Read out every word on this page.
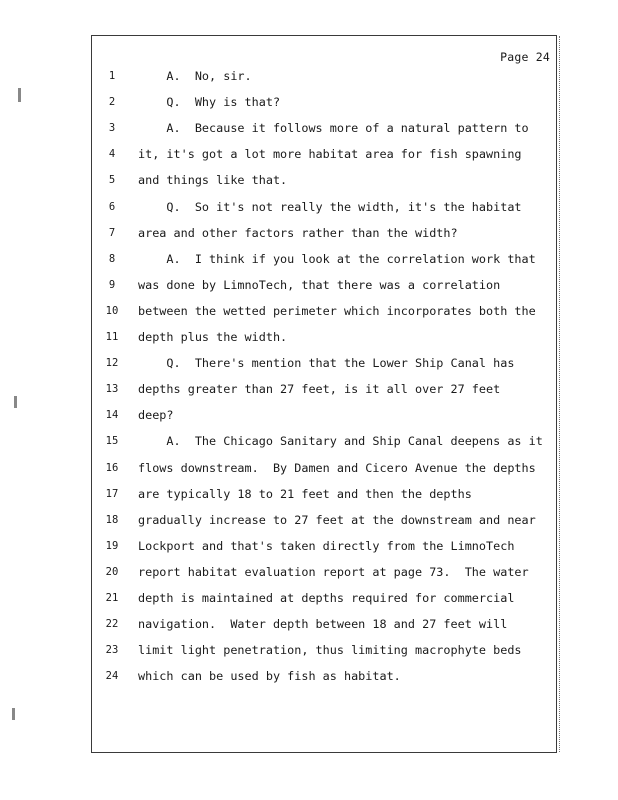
Page 24
1	A.  No, sir.
2	Q.  Why is that?
3	A.  Because it follows more of a natural pattern to
4	it, it's got a lot more habitat area for fish spawning
5	and things like that.
6	Q.  So it's not really the width, it's the habitat
7	area and other factors rather than the width?
8	A.  I think if you look at the correlation work that
9	was done by LimnoTech, that there was a correlation
10	between the wetted perimeter which incorporates both the
11	depth plus the width.
12	Q.  There's mention that the Lower Ship Canal has
13	depths greater than 27 feet, is it all over 27 feet
14	deep?
15	A.  The Chicago Sanitary and Ship Canal deepens as it
16	flows downstream.  By Damen and Cicero Avenue the depths
17	are typically 18 to 21 feet and then the depths
18	gradually increase to 27 feet at the downstream and near
19	Lockport and that's taken directly from the LimnoTech
20	report habitat evaluation report at page 73.  The water
21	depth is maintained at depths required for commercial
22	navigation.  Water depth between 18 and 27 feet will
23	limit light penetration, thus limiting macrophyte beds
24	which can be used by fish as habitat.
